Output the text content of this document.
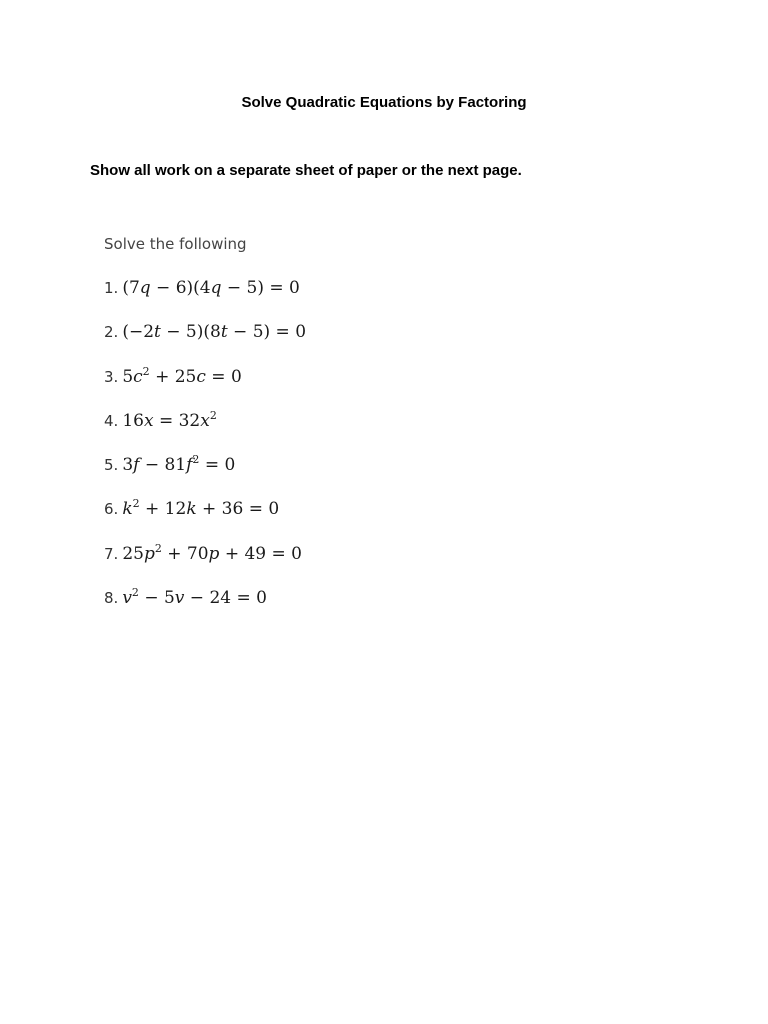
Solve Quadratic Equations by Factoring
Show all work on a separate sheet of paper or the next page.
Solve the following
1. (7q − 6)(4q − 5) = 0
2. (−2t − 5)(8t − 5) = 0
3. $5c^2 + 25c = 0$
4. $16x = 32x^2$
5. $3f - 81f^2 = 0$
6. $k^2 + 12k + 36 = 0$
7. $25p^2 + 70p + 49 = 0$
8. $v^2 - 5v - 24 = 0$
